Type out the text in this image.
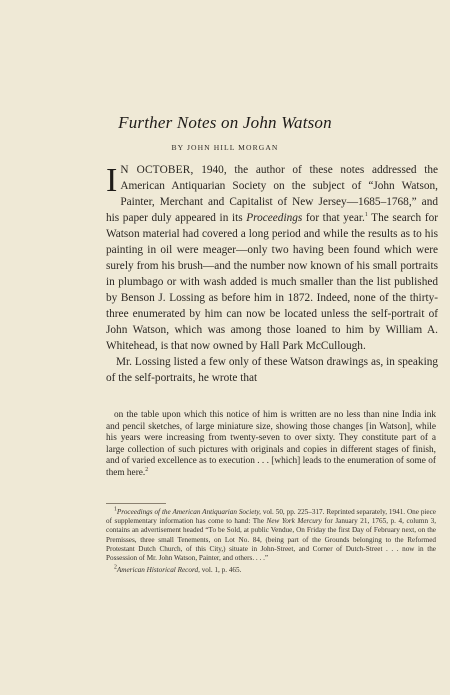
Further Notes on John Watson
BY JOHN HILL MORGAN

I N OCTOBER, 1940, the author of these notes addressed the American Antiquarian Society on the subject of “John Watson, Painter, Merchant and Capitalist of New Jersey—1685–1768,” and his paper duly appeared in its Proceedings for that year.$^1$ The search for Watson material had covered a long period and while the results as to his painting in oil were meager—only two having been found which were surely from his brush—and the number now known of his small portraits in plumbago or with wash added is much smaller than the list published by Benson J. Lossing as before him in 1872. Indeed, none of the thirty-three enumerated by him can now be located unless the self-portrait of John Watson, which was among those loaned to him by William A. Whitehead, is that now owned by Hall Park McCullough.

Mr. Lossing listed a few only of these Watson drawings as, in speaking of the self-portraits, he wrote that

on the table upon which this notice of him is written are no less than nine India ink and pencil sketches, of large miniature size, showing those changes [in Watson], while his years were increasing from twenty-seven to over sixty. They constitute part of a large collection of such pictures with originals and copies in different stages of finish, and of varied excellence as to execution . . . [which] leads to the enumeration of some of them here.$^2$

$^1$Proceedings of the American Antiquarian Society, vol. 50, pp. 225–317. Reprinted separately, 1941. One piece of supplementary information has come to hand: The New York Mercury for January 21, 1765, p. 4, column 3, contains an advertisement headed “To be Sold, at public Vendue, On Friday the first Day of February next, on the Premisses, three small Tenements, on Lot No. 84, (being part of the Grounds belonging to the Reformed Protestant Dutch Church, of this City,) situate in John-Street, and Corner of Dutch-Street . . . now in the Possession of Mr. John Watson, Painter, and others. . . .”

$^2$American Historical Record, vol. 1, p. 465.
